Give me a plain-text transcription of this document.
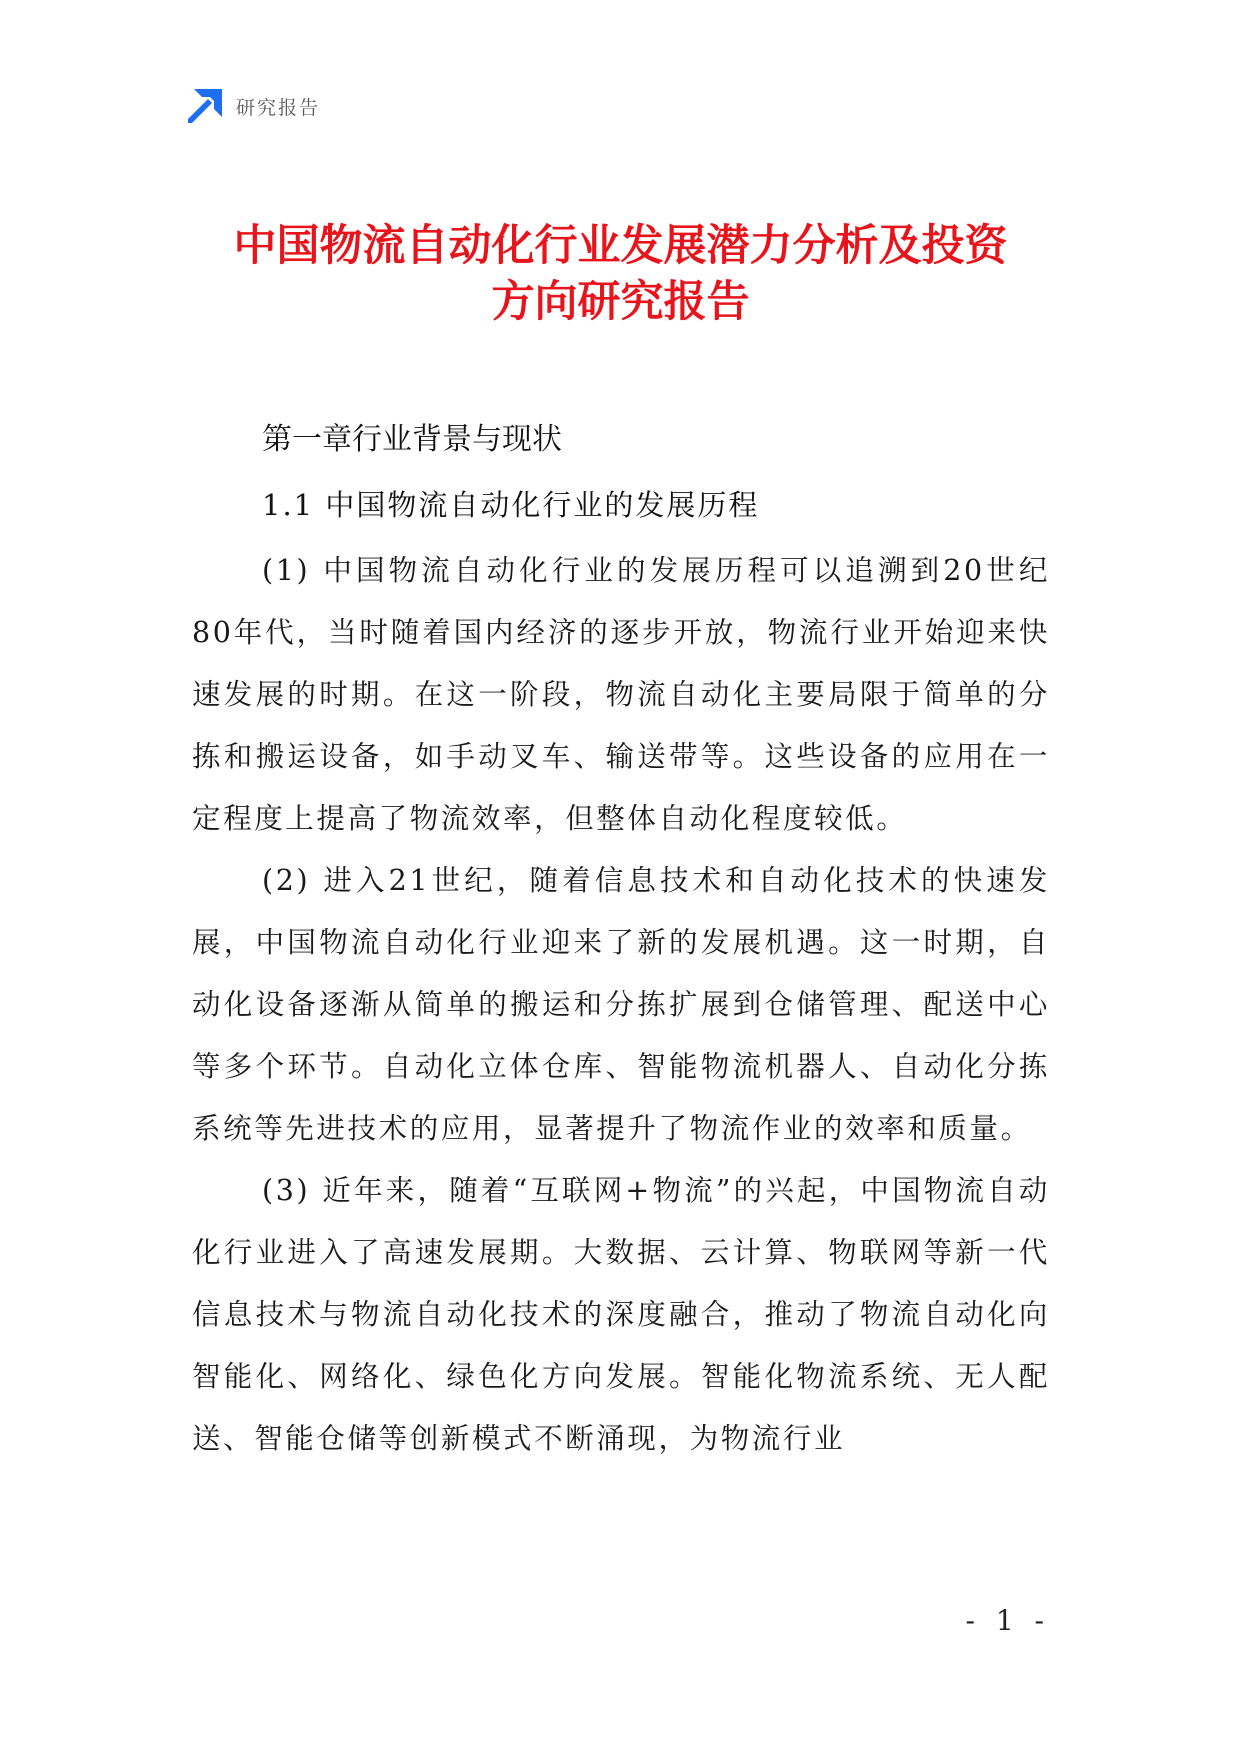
研究报告
中国物流自动化行业发展潜力分析及投资
方向研究报告
第一章行业背景与现状
1.1 中国物流自动化行业的发展历程

(1) 中国物流自动化行业的发展历程可以追溯到20世纪80年代，当时随着国内经济的逐步开放，物流行业开始迎来快速发展的时期。在这一阶段，物流自动化主要局限于简单的分拣和搬运设备，如手动叉车、输送带等。这些设备的应用在一定程度上提高了物流效率，但整体自动化程度较低。

(2) 进入21世纪，随着信息技术和自动化技术的快速发展，中国物流自动化行业迎来了新的发展机遇。这一时期，自动化设备逐渐从简单的搬运和分拣扩展到仓储管理、配送中心等多个环节。自动化立体仓库、智能物流机器人、自动化分拣系统等先进技术的应用，显著提升了物流作业的效率和质量。

(3) 近年来，随着“互联网+物流”的兴起，中国物流自动化行业进入了高速发展期。大数据、云计算、物联网等新一代信息技术与物流自动化技术的深度融合，推动了物流自动化向智能化、网络化、绿色化方向发展。智能化物流系统、无人配送、智能仓储等创新模式不断涌现，为物流行业

- 1 -
